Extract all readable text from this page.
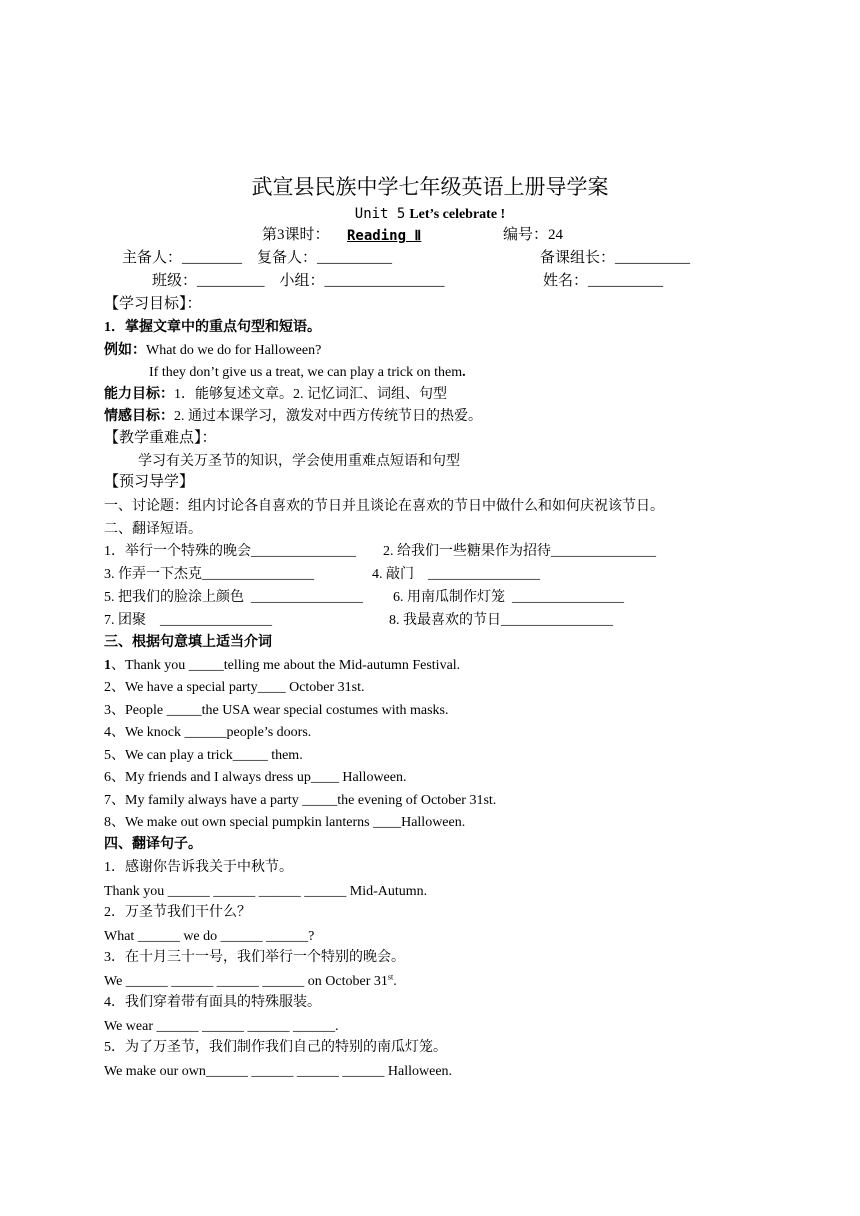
武宣县民族中学七年级英语上册导学案
Unit 5 Let’s celebrate !
第3课时： Reading Ⅱ	编号：24
主备人：________    复备人：__________	备课组长：__________
班级：_________    小组：________________	姓名：__________
【学习目标】：
1．掌握文章中的重点句型和短语。
例如：What do we do for Halloween?
If they don’t give us a treat, we can play a trick on them.
能力目标：1．能够复述文章。2. 记忆词汇、词组、句型
情感目标：2. 通过本课学习，激发对中西方传统节日的热爱。
【教学重难点】：
学习有关万圣节的知识，学会使用重难点短语和句型
【预习导学】
一、讨论题：组内讨论各自喜欢的节日并且谈论在喜欢的节日中做什么和如何庆祝该节日。
二、翻译短语。
1．举行一个特殊的晚会_______________ 2. 给我们一些糖果作为招待_______________
3. 作弄一下杰克________________	4. 敲门    ________________
5. 把我们的脸涂上颜色  ________________ 6. 用南瓜制作灯笼  ________________
7. 团聚    ________________	8. 我最喜欢的节日________________
三、根据句意填上适当介词
1、Thank you _____telling me about the Mid-autumn Festival.
2、We have a special party____ October 31st.
3、People _____the USA wear special costumes with masks.
4、We knock ______people’s doors.
5、We can play a trick_____ them.
6、My friends and I always dress up____ Halloween.
7、My family always have a party _____the evening of October 31st.
8、We make out own special pumpkin lanterns ____Halloween.
四、翻译句子。
1．感谢你告诉我关于中秋节。
Thank you ______ ______ ______ ______ Mid-Autumn.
2．万圣节我们干什么？
What ______ we do ______ ______?
3．在十月三十一号，我们举行一个特别的晚会。
We ______ ______ ______ ______ on October 31st.
4．我们穿着带有面具的特殊服装。
We wear ______ ______ ______ ______.
5．为了万圣节，我们制作我们自己的特别的南瓜灯笼。
We make our own______ ______ ______ ______ Halloween.
